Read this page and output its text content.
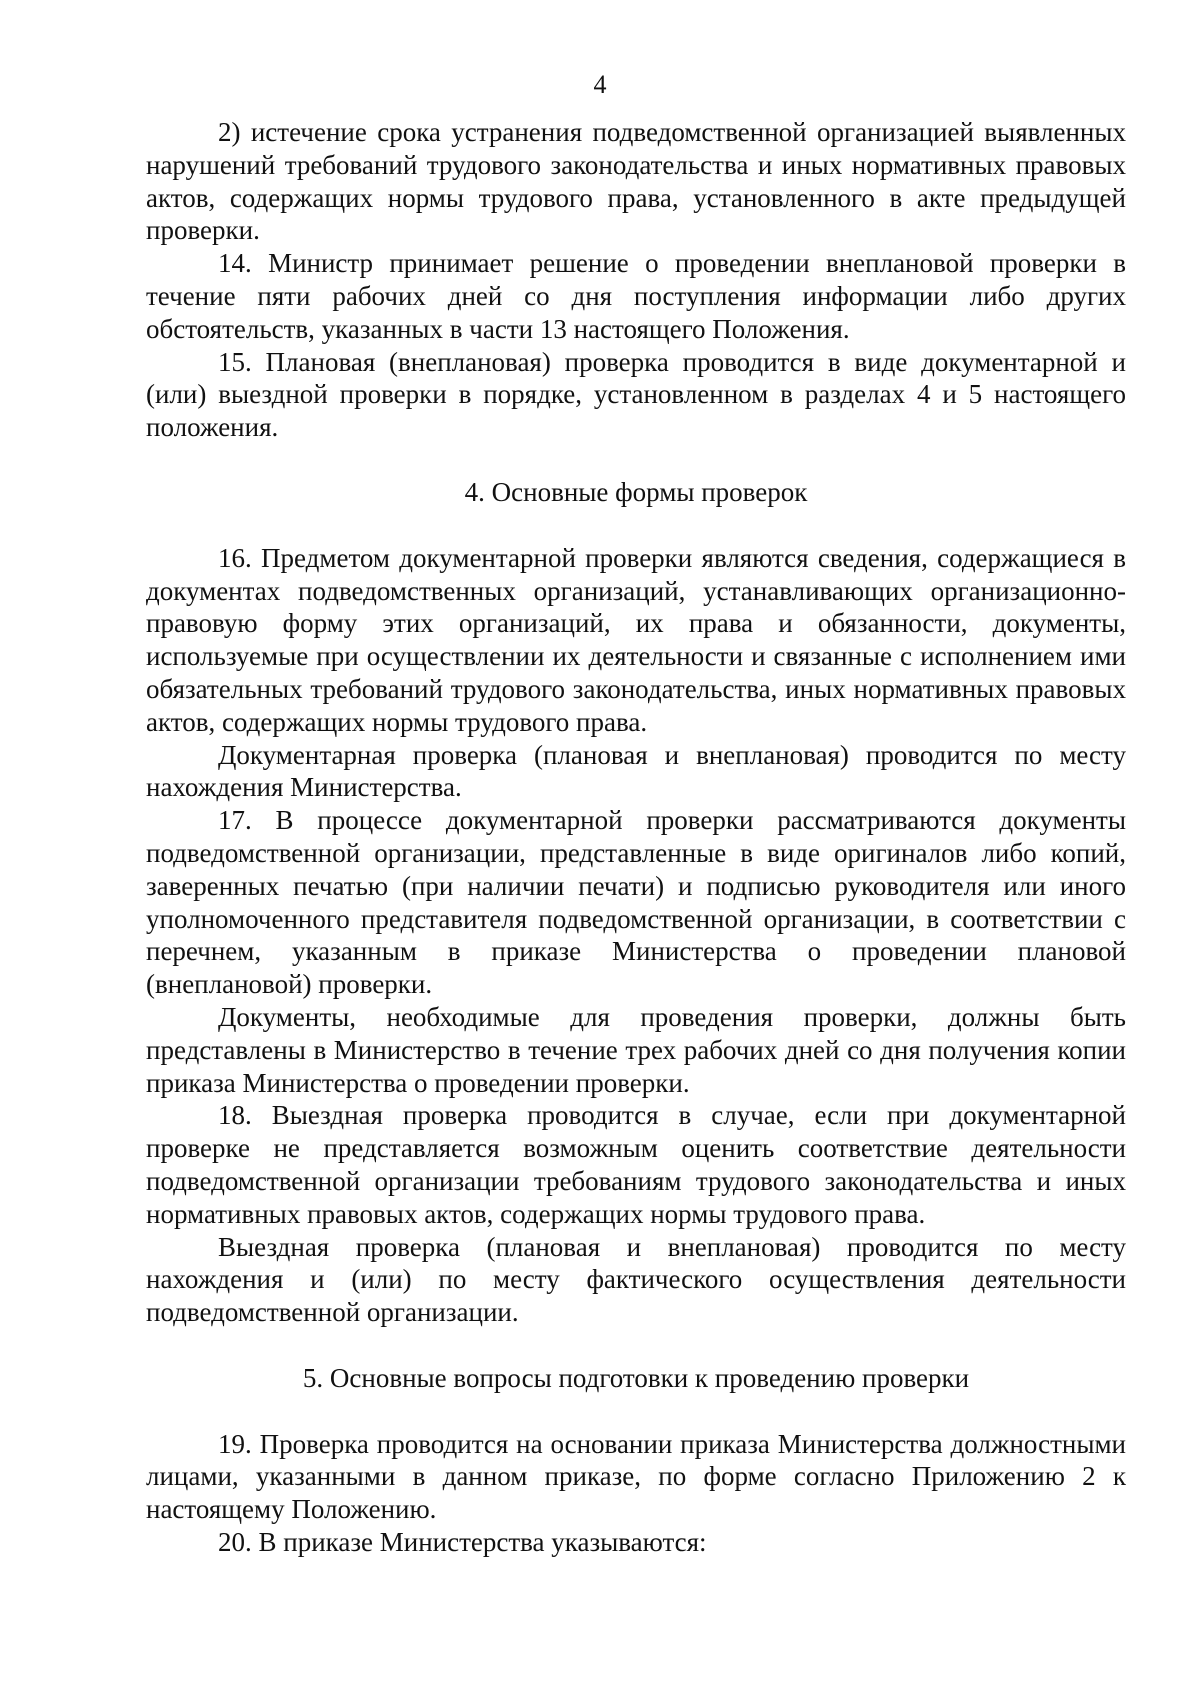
4

2) истечение срока устранения подведомственной организацией выявленных нарушений требований трудового законодательства и иных нормативных правовых актов, содержащих нормы трудового права, установленного в акте предыдущей проверки.

14. Министр принимает решение о проведении внеплановой проверки в течение пяти рабочих дней со дня поступления информации либо других обстоятельств, указанных в части 13 настоящего Положения.

15. Плановая (внеплановая) проверка проводится в виде документарной и (или) выездной проверки в порядке, установленном в разделах 4 и 5 настоящего положения.

4. Основные формы проверок

16. Предметом документарной проверки являются сведения, содержащиеся в документах подведомственных организаций, устанавливающих организационно-правовую форму этих организаций, их права и обязанности, документы, используемые при осуществлении их деятельности и связанные с исполнением ими обязательных требований трудового законодательства, иных нормативных правовых актов, содержащих нормы трудового права.

Документарная проверка (плановая и внеплановая) проводится по месту нахождения Министерства.

17. В процессе документарной проверки рассматриваются документы подведомственной организации, представленные в виде оригиналов либо копий, заверенных печатью (при наличии печати) и подписью руководителя или иного уполномоченного представителя подведомственной организации, в соответствии с перечнем, указанным в приказе Министерства о проведении плановой (внеплановой) проверки.

Документы, необходимые для проведения проверки, должны быть представлены в Министерство в течение трех рабочих дней со дня получения копии приказа Министерства о проведении проверки.

18. Выездная проверка проводится в случае, если при документарной проверке не представляется возможным оценить соответствие деятельности подведомственной организации требованиям трудового законодательства и иных нормативных правовых актов, содержащих нормы трудового права.

Выездная проверка (плановая и внеплановая) проводится по месту нахождения и (или) по месту фактического осуществления деятельности подведомственной организации.

5. Основные вопросы подготовки к проведению проверки

19. Проверка проводится на основании приказа Министерства должностными лицами, указанными в данном приказе, по форме согласно Приложению 2 к настоящему Положению.

20. В приказе Министерства указываются:
